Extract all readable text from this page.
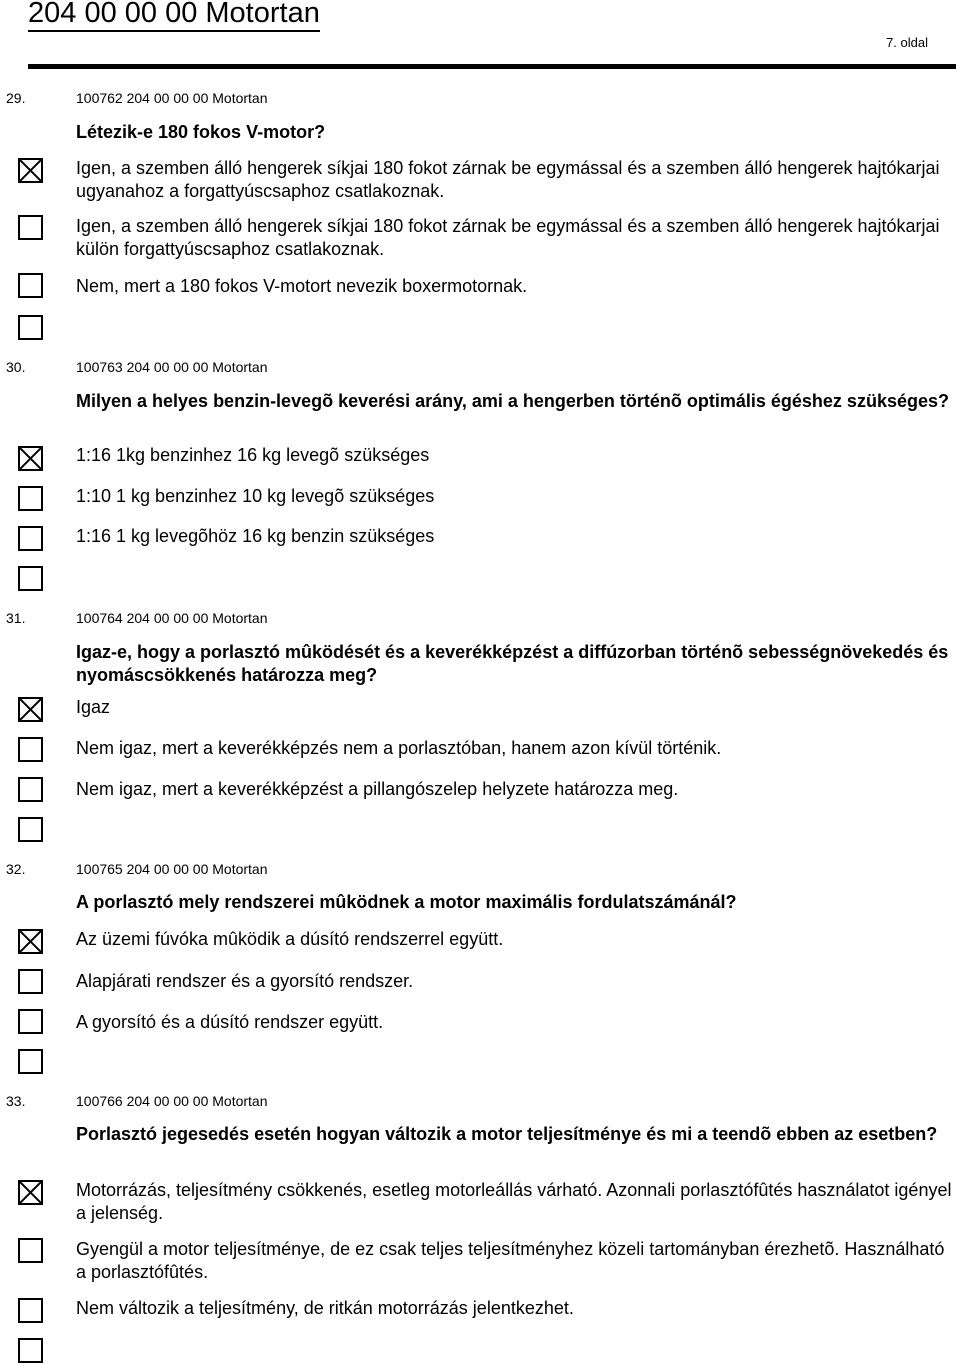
204 00 00 00 Motortan
7. oldal
29.	100762 204 00 00 00 Motortan
Létezik-e 180 fokos V-motor?
Igen, a szemben álló hengerek síkjai 180 fokot zárnak be egymással és a szemben álló hengerek hajtókarjai ugyanahoz a forgattyúscsaphoz csatlakoznak.
Igen, a szemben álló hengerek síkjai 180 fokot zárnak be egymással és a szemben álló hengerek hajtókarjai külön forgattyúscsaphoz csatlakoznak.
Nem, mert a 180 fokos V-motort nevezik boxermotornak.
30.	100763 204 00 00 00 Motortan
Milyen a helyes benzin-levegõ keverési arány, ami a hengerben történõ optimális égéshez szükséges?
1:16 1kg benzinhez 16 kg levegõ szükséges
1:10 1 kg benzinhez 10 kg levegõ szükséges
1:16 1 kg levegõhöz 16 kg benzin szükséges
31.	100764 204 00 00 00 Motortan
Igaz-e, hogy a porlasztó mûködését és a keverékképzést a diffúzorban történõ sebességnövekedés és nyomáscsökkenés határozza meg?
Igaz
Nem igaz, mert a keverékképzés nem a porlasztóban, hanem azon kívül történik.
Nem igaz, mert a keverékképzést a pillangószelep helyzete határozza meg.
32.	100765 204 00 00 00 Motortan
A porlasztó mely rendszerei mûködnek a motor maximális fordulatszámánál?
Az üzemi fúvóka mûködik a dúsító rendszerrel együtt.
Alapjárati rendszer és a gyorsító rendszer.
A gyorsító és a dúsító rendszer együtt.
33.	100766 204 00 00 00 Motortan
Porlasztó jegesedés esetén hogyan változik a motor teljesítménye és mi a teendõ ebben az esetben?
Motorrázás, teljesítmény csökkenés, esetleg motorleállás várható. Azonnali porlasztófûtés használatot igényel a jelenség.
Gyengül a motor teljesítménye, de ez csak teljes teljesítményhez közeli tartományban érezhetõ. Használható a porlasztófûtés.
Nem változik a teljesítmény, de ritkán motorrázás jelentkezhet.
